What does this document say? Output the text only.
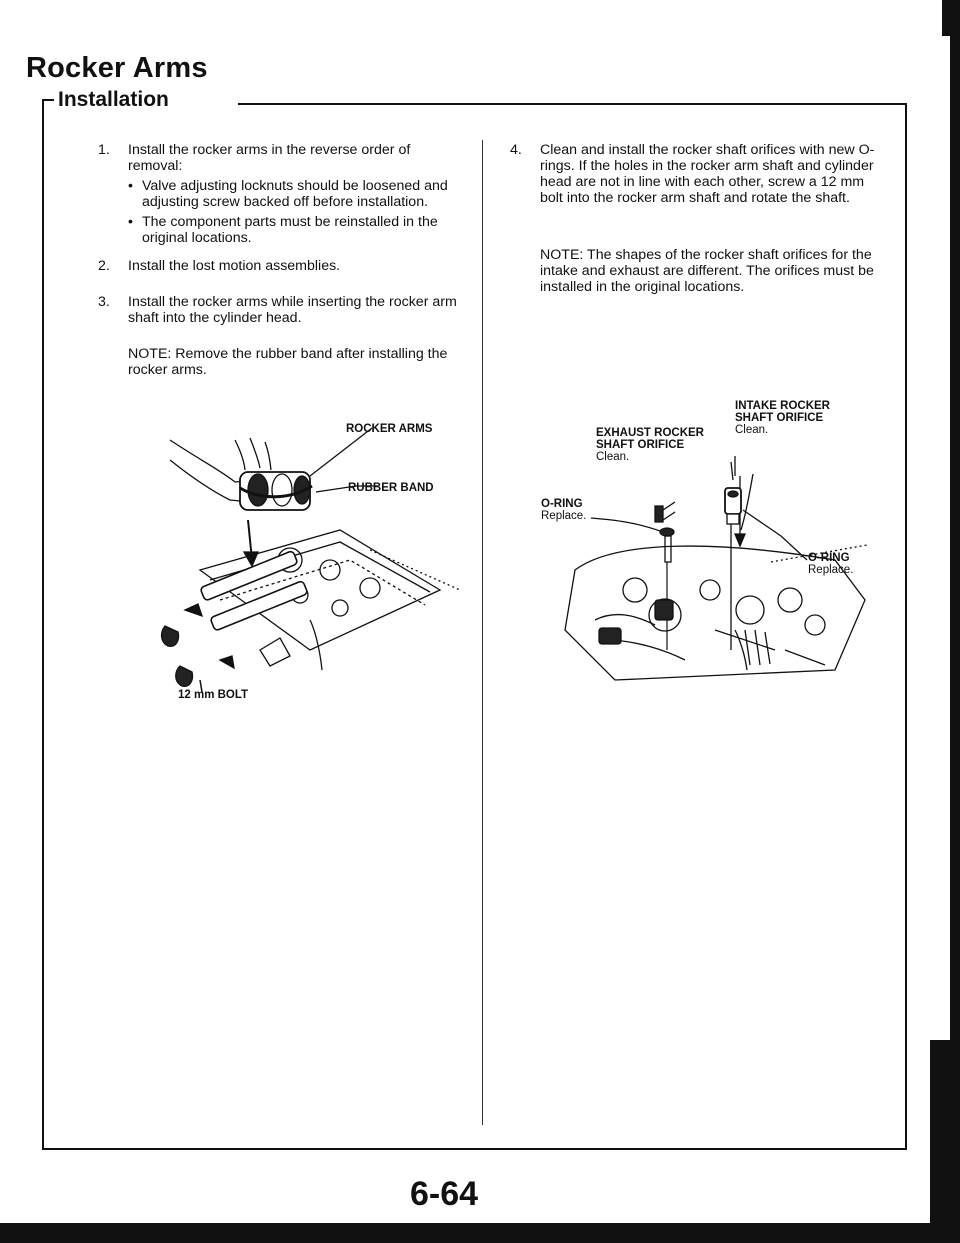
Rocker Arms
Installation
1. Install the rocker arms in the reverse order of removal:
• Valve adjusting locknuts should be loosened and adjusting screw backed off before installation.
• The component parts must be reinstalled in the original locations.
2. Install the lost motion assemblies.
3. Install the rocker arms while inserting the rocker arm shaft into the cylinder head.
NOTE: Remove the rubber band after installing the rocker arms.
ROCKER ARMS
RUBBER BAND
12 mm BOLT
4. Clean and install the rocker shaft orifices with new O-rings. If the holes in the rocker arm shaft and cylinder head are not in line with each other, screw a 12 mm bolt into the rocker arm shaft and rotate the shaft.
NOTE: The shapes of the rocker shaft orifices for the intake and exhaust are different. The orifices must be installed in the original locations.
INTAKE ROCKER
SHAFT ORIFICE
Clean.
EXHAUST ROCKER
SHAFT ORIFICE
Clean.
O-RING
Replace.
O-RING
Replace.
6-64
